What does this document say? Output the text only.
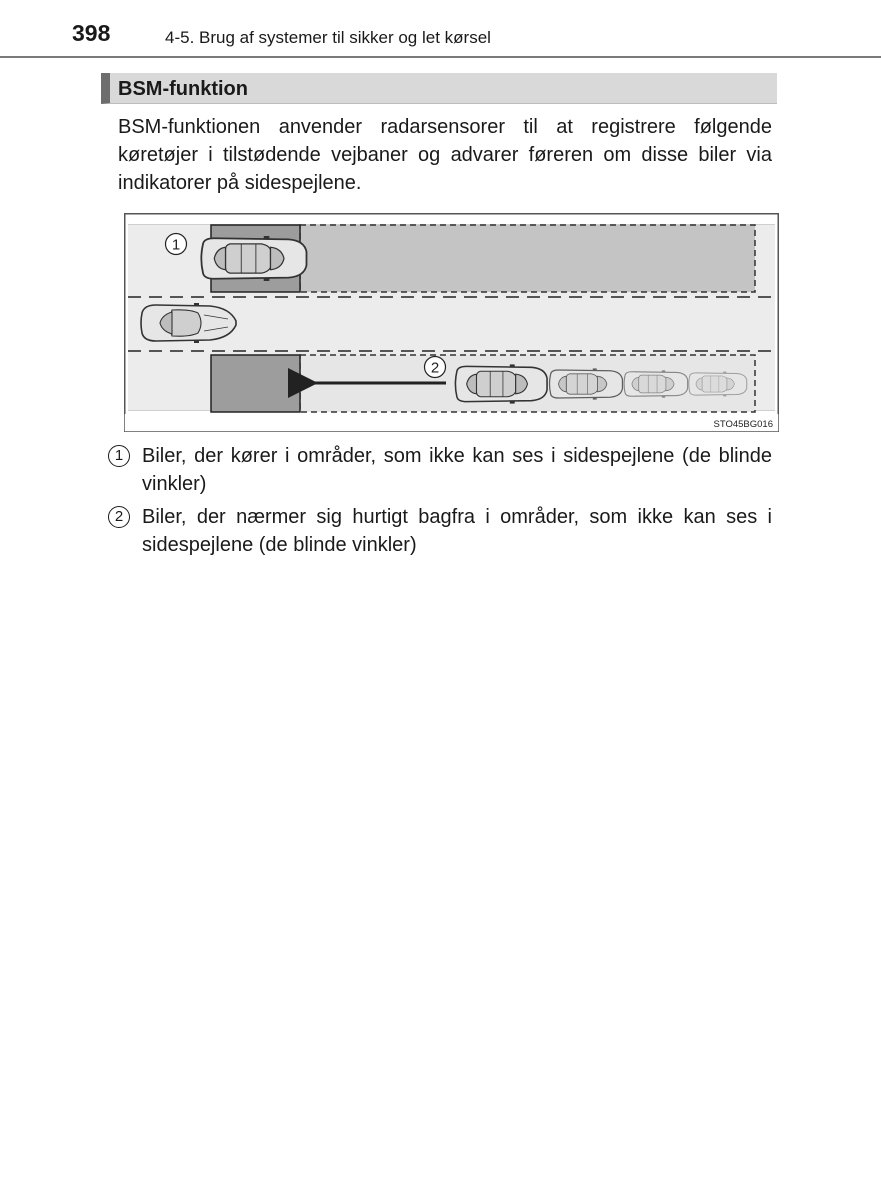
398	4-5. Brug af systemer til sikker og let kørsel
BSM-funktion

BSM-funktionen anvender radarsensorer til at registrere følgende køretøjer i tilstødende vejbaner og advarer føreren om disse biler via indikatorer på sidespejlene.

1
2
STO45BG016
1 Biler, der kører i områder, som ikke kan ses i sidespejlene (de blinde vinkler)

2 Biler, der nærmer sig hurtigt bagfra i områder, som ikke kan ses i sidespejlene (de blinde vinkler)
